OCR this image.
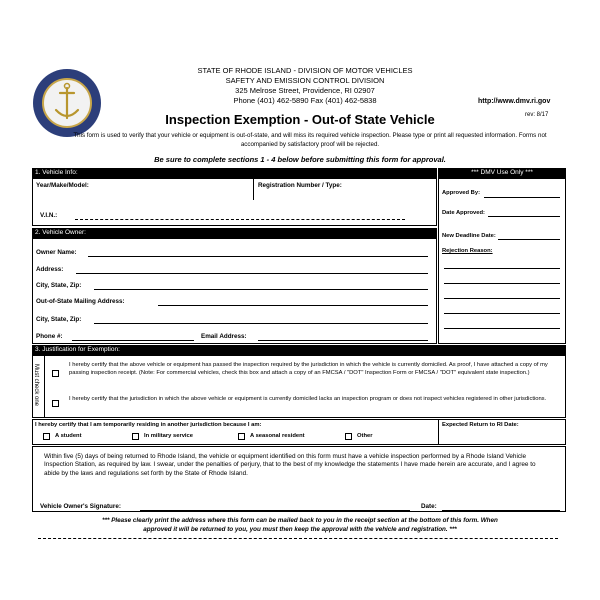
STATE OF RHODE ISLAND - DIVISION OF MOTOR VEHICLES
SAFETY AND EMISSION CONTROL DIVISION
325 Melrose Street, Providence, RI 02907
Phone (401) 462-5890 Fax (401) 462-5838	http://www.dmv.ri.gov
rev: 8/17
Inspection Exemption - Out-of State Vehicle
This form is used to verify that your vehicle or equipment is out-of-state, and will miss its required vehicle inspection. Please type or print all requested information. Forms not accompanied by satisfactory proof will be rejected.
Be sure to complete sections 1 - 4 below before submitting this form for approval.
1. Vehicle Info:
Year/Make/Model:	Registration Number / Type:
V.I.N.:
*** DMV Use Only ***
Approved By:
Date Approved:
New Deadline Date:
Rejection Reason:
2. Vehicle Owner:
Owner Name:
Address:
City, State, Zip:
Out-of-State Mailing Address:
City, State, Zip:
Phone #:	Email Address:
3. Justification for Exemption:
Must check one	I hereby certify that the above vehicle or equipment has passed the inspection required by the jurisdiction in which the vehicle is currently domiciled. As proof, I have attached a copy of my passing inspection receipt. (Note: For commercial vehicles, check this box and attach a copy of an FMCSA / "DOT" Inspection Form or FMCSA / "DOT" equivalent state inspection.)
I hereby certify that the jurisdiction in which the above vehicle or equipment is currently domiciled lacks an inspection program or does not inspect vehicles registered in other jurisdictions.
I hereby certify that I am temporarily residing in another jurisdiction because I am:	Expected Return to RI Date:
A student	In military service	A seasonal resident	Other
Within five (5) days of being returned to Rhode Island, the vehicle or equipment identified on this form must have a vehicle inspection performed by a Rhode Island Vehicle Inspection Station, as required by law. I swear, under the penalties of perjury, that to the best of my knowledge the statements I have made herein are accurate, and I agree to abide by the laws and regulations set forth by the State of Rhode Island.
Vehicle Owner's Signature:	Date:
*** Please clearly print the address where this form can be mailed back to you in the receipt section at the bottom of this form. When
approved it will be returned to you, you must then keep the approval with the vehicle and registration. ***
